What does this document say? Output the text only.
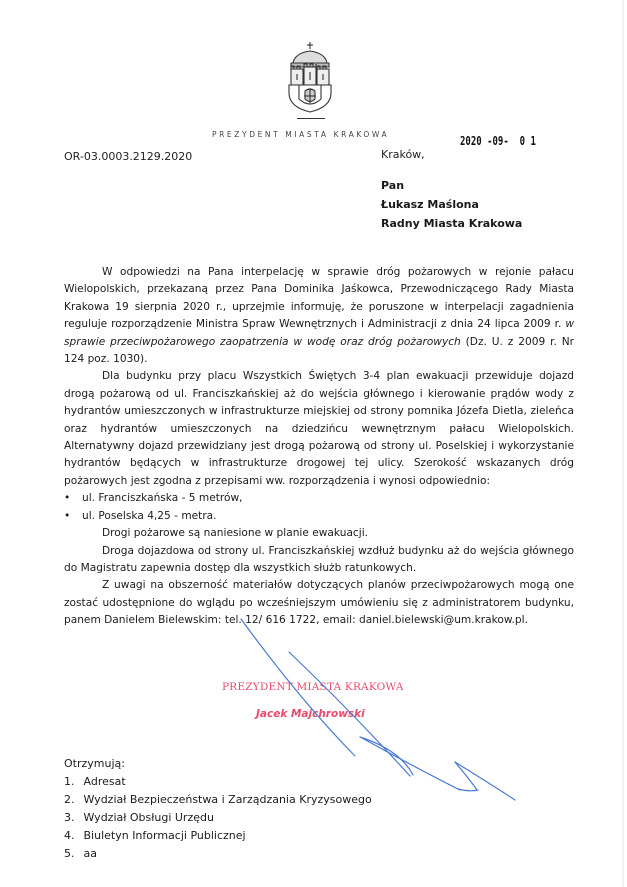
PREZYDENT MIASTA KRAKOWA	2020 -09-  0 1
OR-03.0003.2129.2020	Kraków,
Pan
Łukasz Maślona
Radny Miasta Krakowa

W odpowiedzi na Pana interpelację w sprawie dróg pożarowych w rejonie pałacu Wielopolskich, przekazaną przez Pana Dominika Jaśkowca, Przewodniczącego Rady Miasta Krakowa 19 sierpnia 2020 r., uprzejmie informuję, że poruszone w interpelacji zagadnienia reguluje rozporządzenie Ministra Spraw Wewnętrznych i Administracji z dnia 24 lipca 2009 r. w sprawie przeciwpożarowego zaopatrzenia w wodę oraz dróg pożarowych (Dz. U. z 2009 r. Nr 124 poz. 1030).

Dla budynku przy placu Wszystkich Świętych 3-4 plan ewakuacji przewiduje dojazd drogą pożarową od ul. Franciszkańskiej aż do wejścia głównego i kierowanie prądów wody z hydrantów umieszczonych w infrastrukturze miejskiej od strony pomnika Józefa Dietla, zieleńca oraz hydrantów umieszczonych na dziedzińcu wewnętrznym pałacu Wielopolskich. Alternatywny dojazd przewidziany jest drogą pożarową od strony ul. Poselskiej i wykorzystanie hydrantów będących w infrastrukturze drogowej tej ulicy. Szerokość wskazanych dróg pożarowych jest zgodna z przepisami ww. rozporządzenia i wynosi odpowiednio:

• ul. Franciszkańska - 5 metrów,
• ul. Poselska 4,25 - metra.

Drogi pożarowe są naniesione w planie ewakuacji.

Droga dojazdowa od strony ul. Franciszkańskiej wzdłuż budynku aż do wejścia głównego do Magistratu zapewnia dostęp dla wszystkich służb ratunkowych.

Z uwagi na obszerność materiałów dotyczących planów przeciwpożarowych mogą one zostać udostępnione do wglądu po wcześniejszym umówieniu się z administratorem budynku, panem Danielem Bielewskim: tel. 12/ 616 1722, email: daniel.bielewski@um.krakow.pl.

PREZYDENT MIASTA KRAKOWA
Jacek Majchrowski
Otrzymują:
1. Adresat
2. Wydział Bezpieczeństwa i Zarządzania Kryzysowego
3. Wydział Obsługi Urzędu
4. Biuletyn Informacji Publicznej
5. aa
